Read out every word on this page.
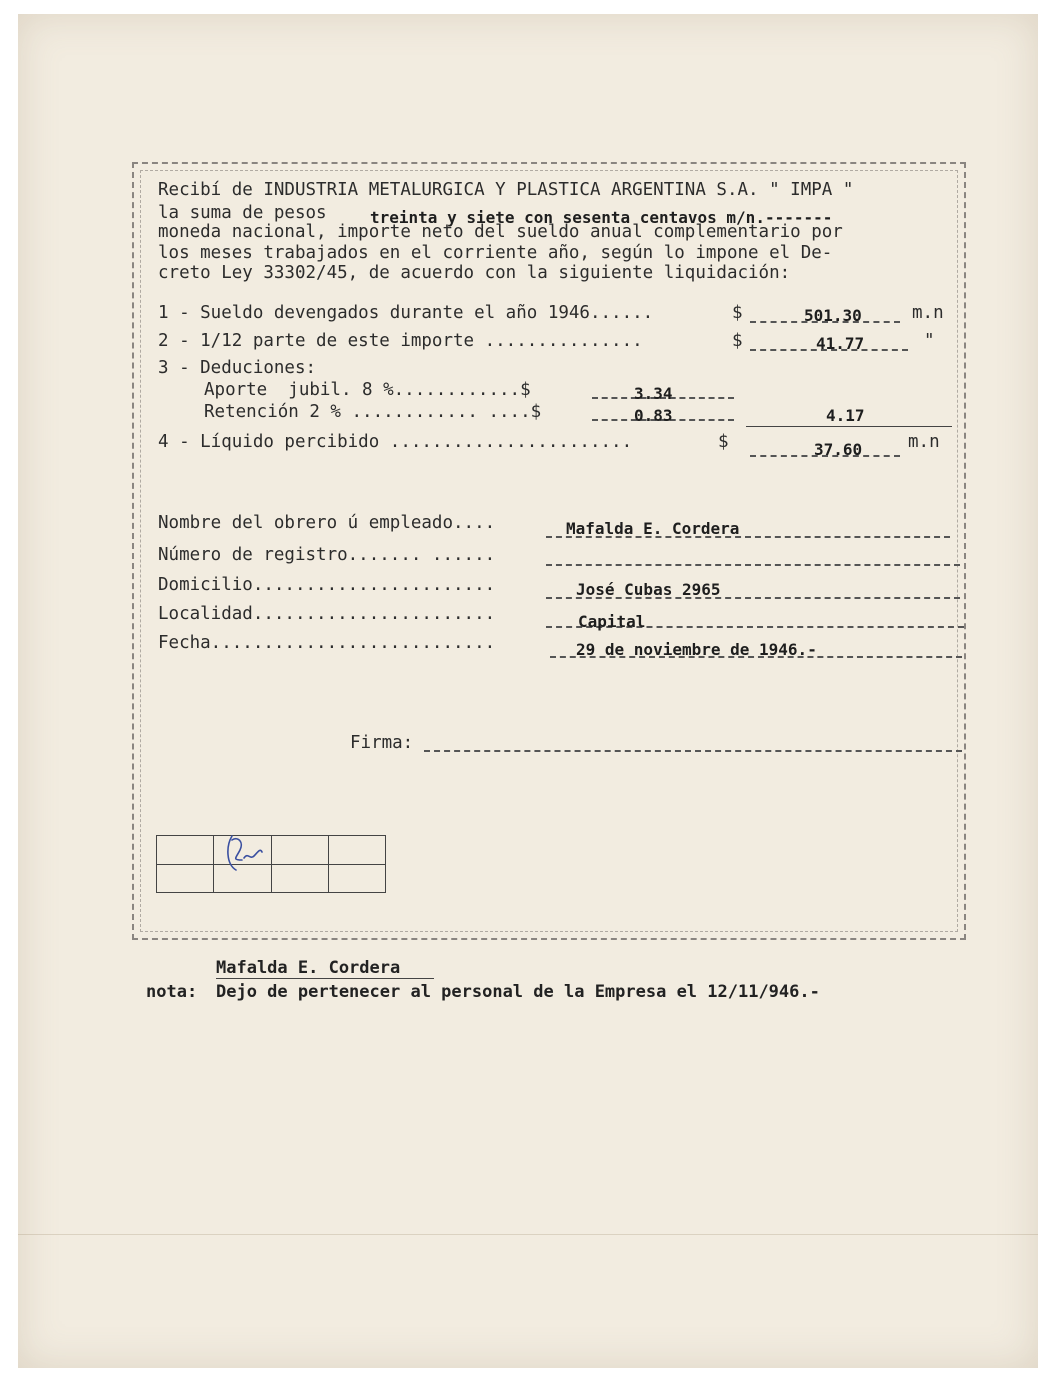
Recibí de INDUSTRIA METALURGICA Y PLASTICA ARGENTINA S.A. " IMPA "
la suma de pesos	treinta y siete con sesenta centavos m/n.-------
moneda nacional, importe neto del sueldo anual complementario por
los meses trabajados en el corriente año, según lo impone el De-
creto Ley 33302/45, de acuerdo con la siguiente liquidación:
1 - Sueldo devengados durante el año 1946......	$	501.30	m.n
2 - 1/12 parte de este importe ...............	$	41.77	"
3 - Deduciones:
Aporte  jubil. 8 %............$	3.34
Retención 2 % ............ ....$	0.83	4.17
4 - Líquido percibido .......................	$	37.60	m.n
Nombre del obrero ú empleado....	Mafalda E. Cordera
Número de registro....... ......
Domicilio.......................	José Cubas 2965
Localidad.......................	Capital
Fecha...........................	29 de noviembre de 1946.-
Firma:

Mafalda E. Cordera
nota: Dejo de pertenecer al personal de la Empresa el 12/11/946.-
